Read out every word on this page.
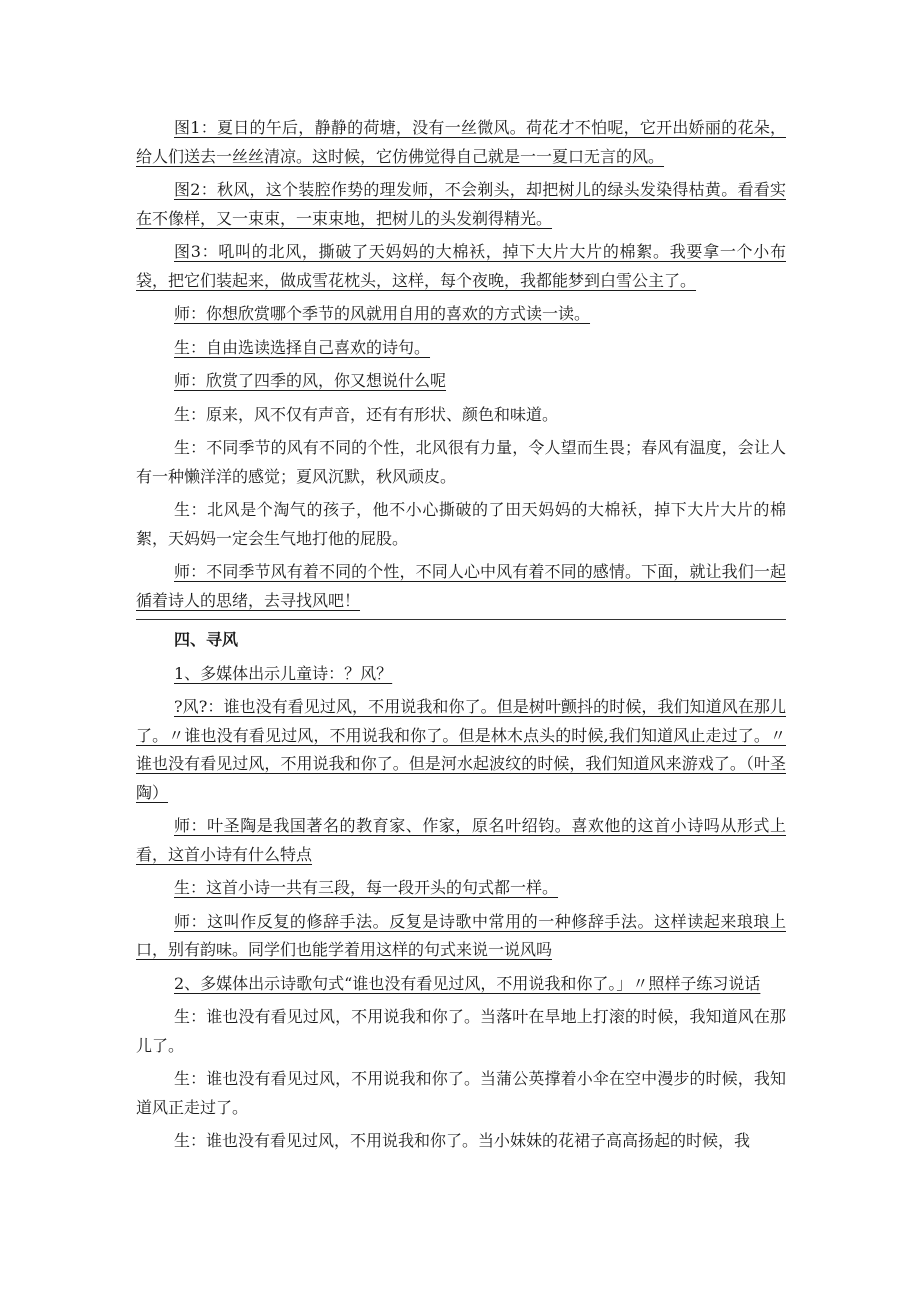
图1：夏日的午后，静静的荷塘，没有一丝微风。荷花才不怕呢，它开出娇丽的花朵，给人们送去一丝丝清凉。这时候，它仿佛觉得自己就是一一夏口无言的风。

图2：秋风，这个装腔作势的理发师，不会剃头，却把树儿的绿头发染得枯黄。看看实在不像样，又一束束，一束束地，把树儿的头发剃得精光。

图3：吼叫的北风，撕破了天妈妈的大棉袄，掉下大片大片的棉絮。我要拿一个小布袋，把它们装起来，做成雪花枕头，这样，每个夜晚，我都能梦到白雪公主了。

师：你想欣赏哪个季节的风就用自用的喜欢的方式读一读。

生：自由选读选择自己喜欢的诗句。

师：欣赏了四季的风，你又想说什么呢

生：原来，风不仅有声音，还有有形状、颜色和味道。

生：不同季节的风有不同的个性，北风很有力量，令人望而生畏；春风有温度，会让人有一种懒洋洋的感觉；夏风沉默，秋风顽皮。

生：北风是个淘气的孩子，他不小心撕破的了田天妈妈的大棉袄，掉下大片大片的棉絮，天妈妈一定会生气地打他的屁股。

师：不同季节风有着不同的个性，不同人心中风有着不同的感情。下面，就让我们一起循着诗人的思绪，去寻找风吧！

四、寻风

1、多媒体出示儿童诗：？风？

?风?：谁也没有看见过风，不用说我和你了。但是树叶颤抖的时候，我们知道风在那儿了。〃谁也没有看见过风，不用说我和你了。但是林木点头的时候,我们知道风止走过了。〃谁也没有看见过风，不用说我和你了。但是河水起波纹的时候，我们知道风来游戏了。（叶圣陶）

师：叶圣陶是我国著名的教育家、作家，原名叶绍钧。喜欢他的这首小诗吗从形式上看，这首小诗有什么特点

生：这首小诗一共有三段，每一段开头的句式都一样。

师：这叫作反复的修辞手法。反复是诗歌中常用的一种修辞手法。这样读起来琅琅上口，别有韵味。同学们也能学着用这样的句式来说一说风吗

2、多媒体出示诗歌句式“谁也没有看见过风，不用说我和你了。」〃照样子练习说话

生：谁也没有看见过风，不用说我和你了。当落叶在旱地上打滚的时候，我知道风在那儿了。

生：谁也没有看见过风，不用说我和你了。当蒲公英撑着小伞在空中漫步的时候，我知道风正走过了。

生：谁也没有看见过风，不用说我和你了。当小妹妹的花裙子高高扬起的时候，我
